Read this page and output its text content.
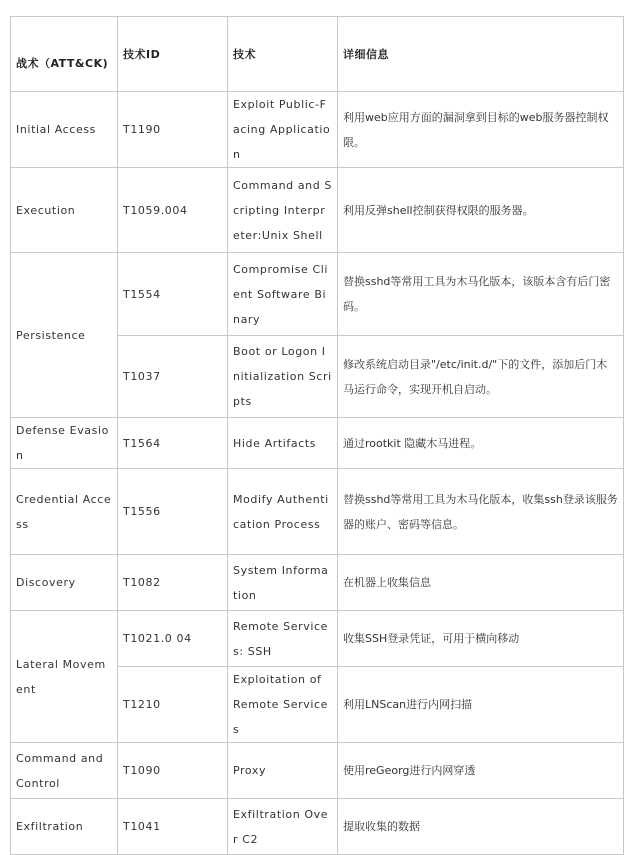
战术（ATT&CK)	技术ID	技术	详细信息
Initial Access	T1190	Exploit Public-Facing Application	利用web应用方面的漏洞拿到目标的web服务器控制权限。
Execution	T1059.004	Command and Scripting Interpreter:Unix Shell	利用反弹shell控制获得权限的服务器。
Persistence	T1554	Compromise Client Software Binary	替换sshd等常用工具为木马化版本，该版本含有后门密码。
	T1037	Boot or Logon Initialization Scripts	修改系统启动目录"/etc/init.d/"下的文件，添加后门木马运行命令，实现开机自启动。
Defense Evasion	T1564	Hide Artifacts	通过rootkit 隐藏木马进程。
Credential Access	T1556	Modify Authentication Process	替换sshd等常用工具为木马化版本，收集ssh登录该服务器的账户、密码等信息。
Discovery	T1082	System Information	在机器上收集信息
Lateral Movement	T1021.0 04	Remote Services: SSH	收集SSH登录凭证，可用于横向移动
	T1210	Exploitation of Remote Services	利用LNScan进行内网扫描
Command and Control	T1090	Proxy	使用reGeorg进行内网穿透
Exfiltration	T1041	Exfiltration Over C2	提取收集的数据
